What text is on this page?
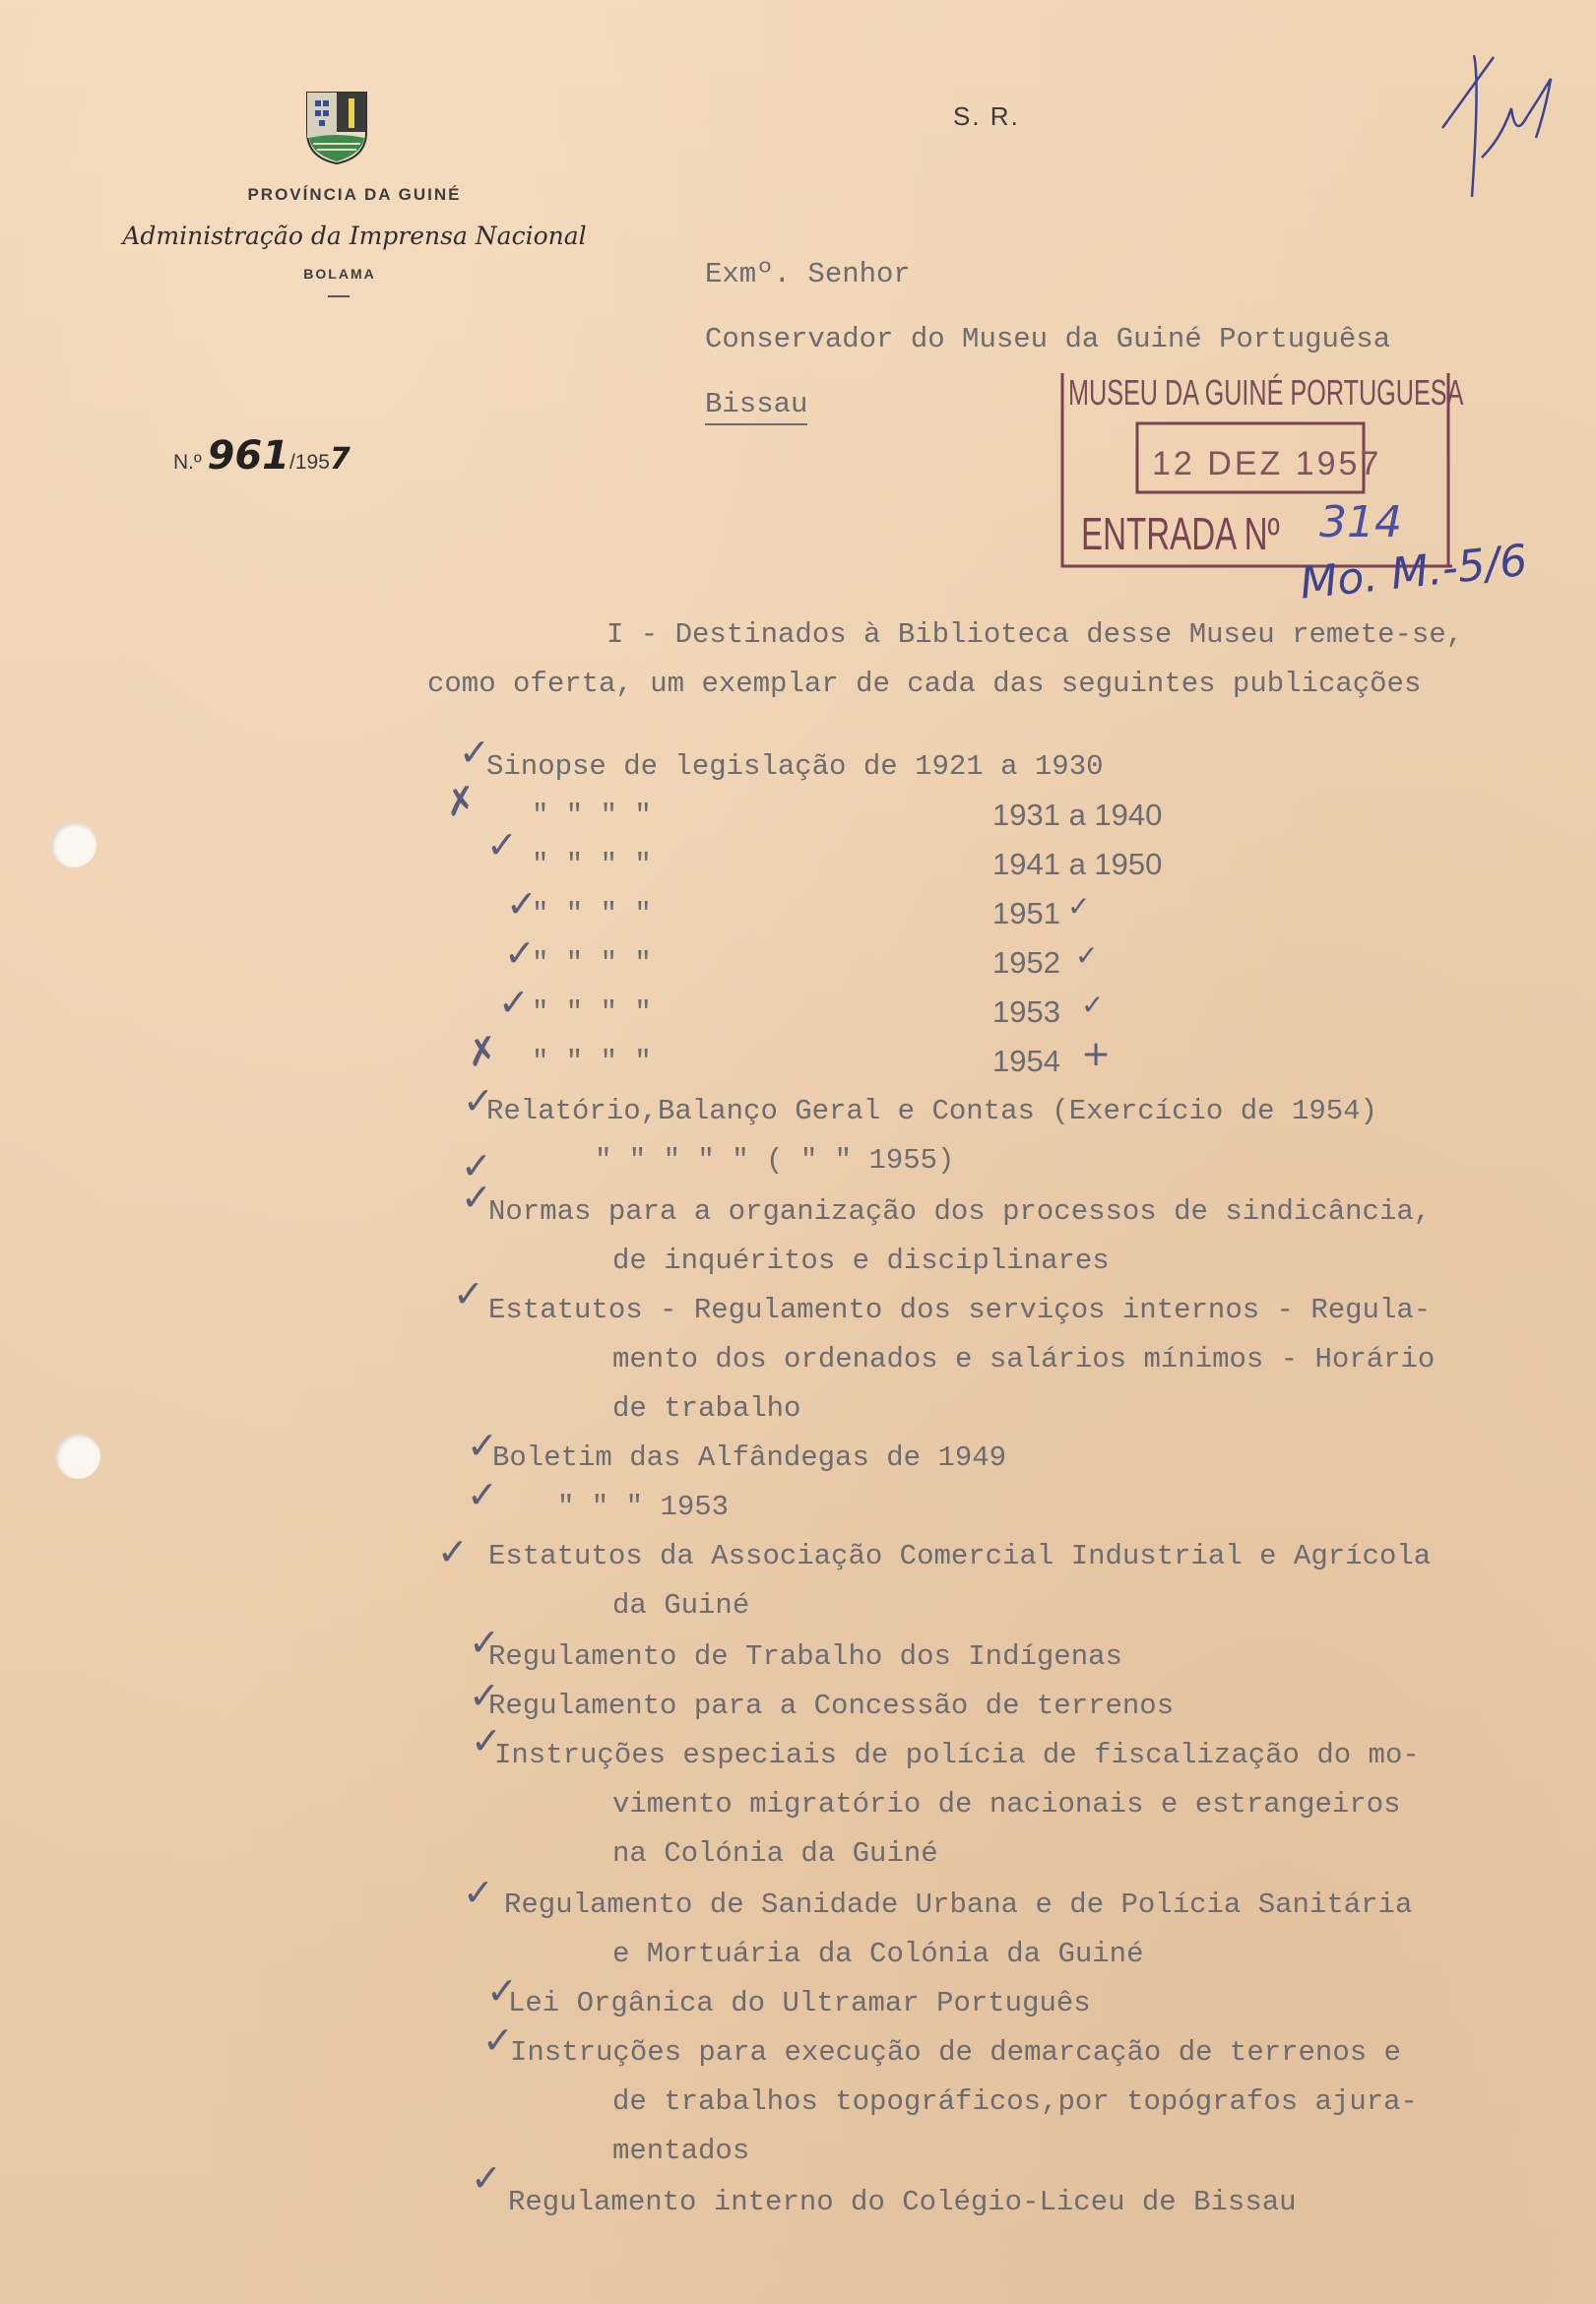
PROVÍNCIA DA GUINÉ
Administração da Imprensa Nacional
BOLAMA
N.º 961/1957
S. R.
Exmº. Senhor
Conservador do Museu da Guiné Portuguêsa
Bissau	MUSEU DA GUINÉ PORTUGUESA
12 DEZ 1957
ENTRADA Nº 314
Mo. M.-5/6
I - Destinados à Biblioteca desse Museu remete-se,
como oferta, um exemplar de cada das seguintes publicações
Sinopse de legislação de 1921 a 1930
" " " "	1931 a 1940
" " " "	1941 a 1950
" " " "	1951
" " " "	1952
" " " "	1953
" " " "	1954
Relatório,Balanço Geral e Contas (Exercício de 1954)
" " " " " ( " " 1955)
Normas para a organização dos processos de sindicância,
de inquéritos e disciplinares
Estatutos - Regulamento dos serviços internos - Regula-
mento dos ordenados e salários mínimos - Horário
de trabalho
Boletim das Alfândegas de 1949
" " " 1953
Estatutos da Associação Comercial Industrial e Agrícola
da Guiné
Regulamento de Trabalho dos Indígenas
Regulamento para a Concessão de terrenos
Instruções especiais de polícia de fiscalização do mo-
vimento migratório de nacionais e estrangeiros
na Colónia da Guiné
Regulamento de Sanidade Urbana e de Polícia Sanitária
e Mortuária da Colónia da Guiné
Lei Orgânica do Ultramar Português
Instruções para execução de demarcação de terrenos e
de trabalhos topográficos,por topógrafos ajura-
mentados
Regulamento interno do Colégio-Liceu de Bissau
✓
✗
✓
✓
✓
✓
✗
✓
✓
✓
✓
✓
✓
✓
✓
✓
✓
✓
✓
✓
✓
✓
✓
✓
+
